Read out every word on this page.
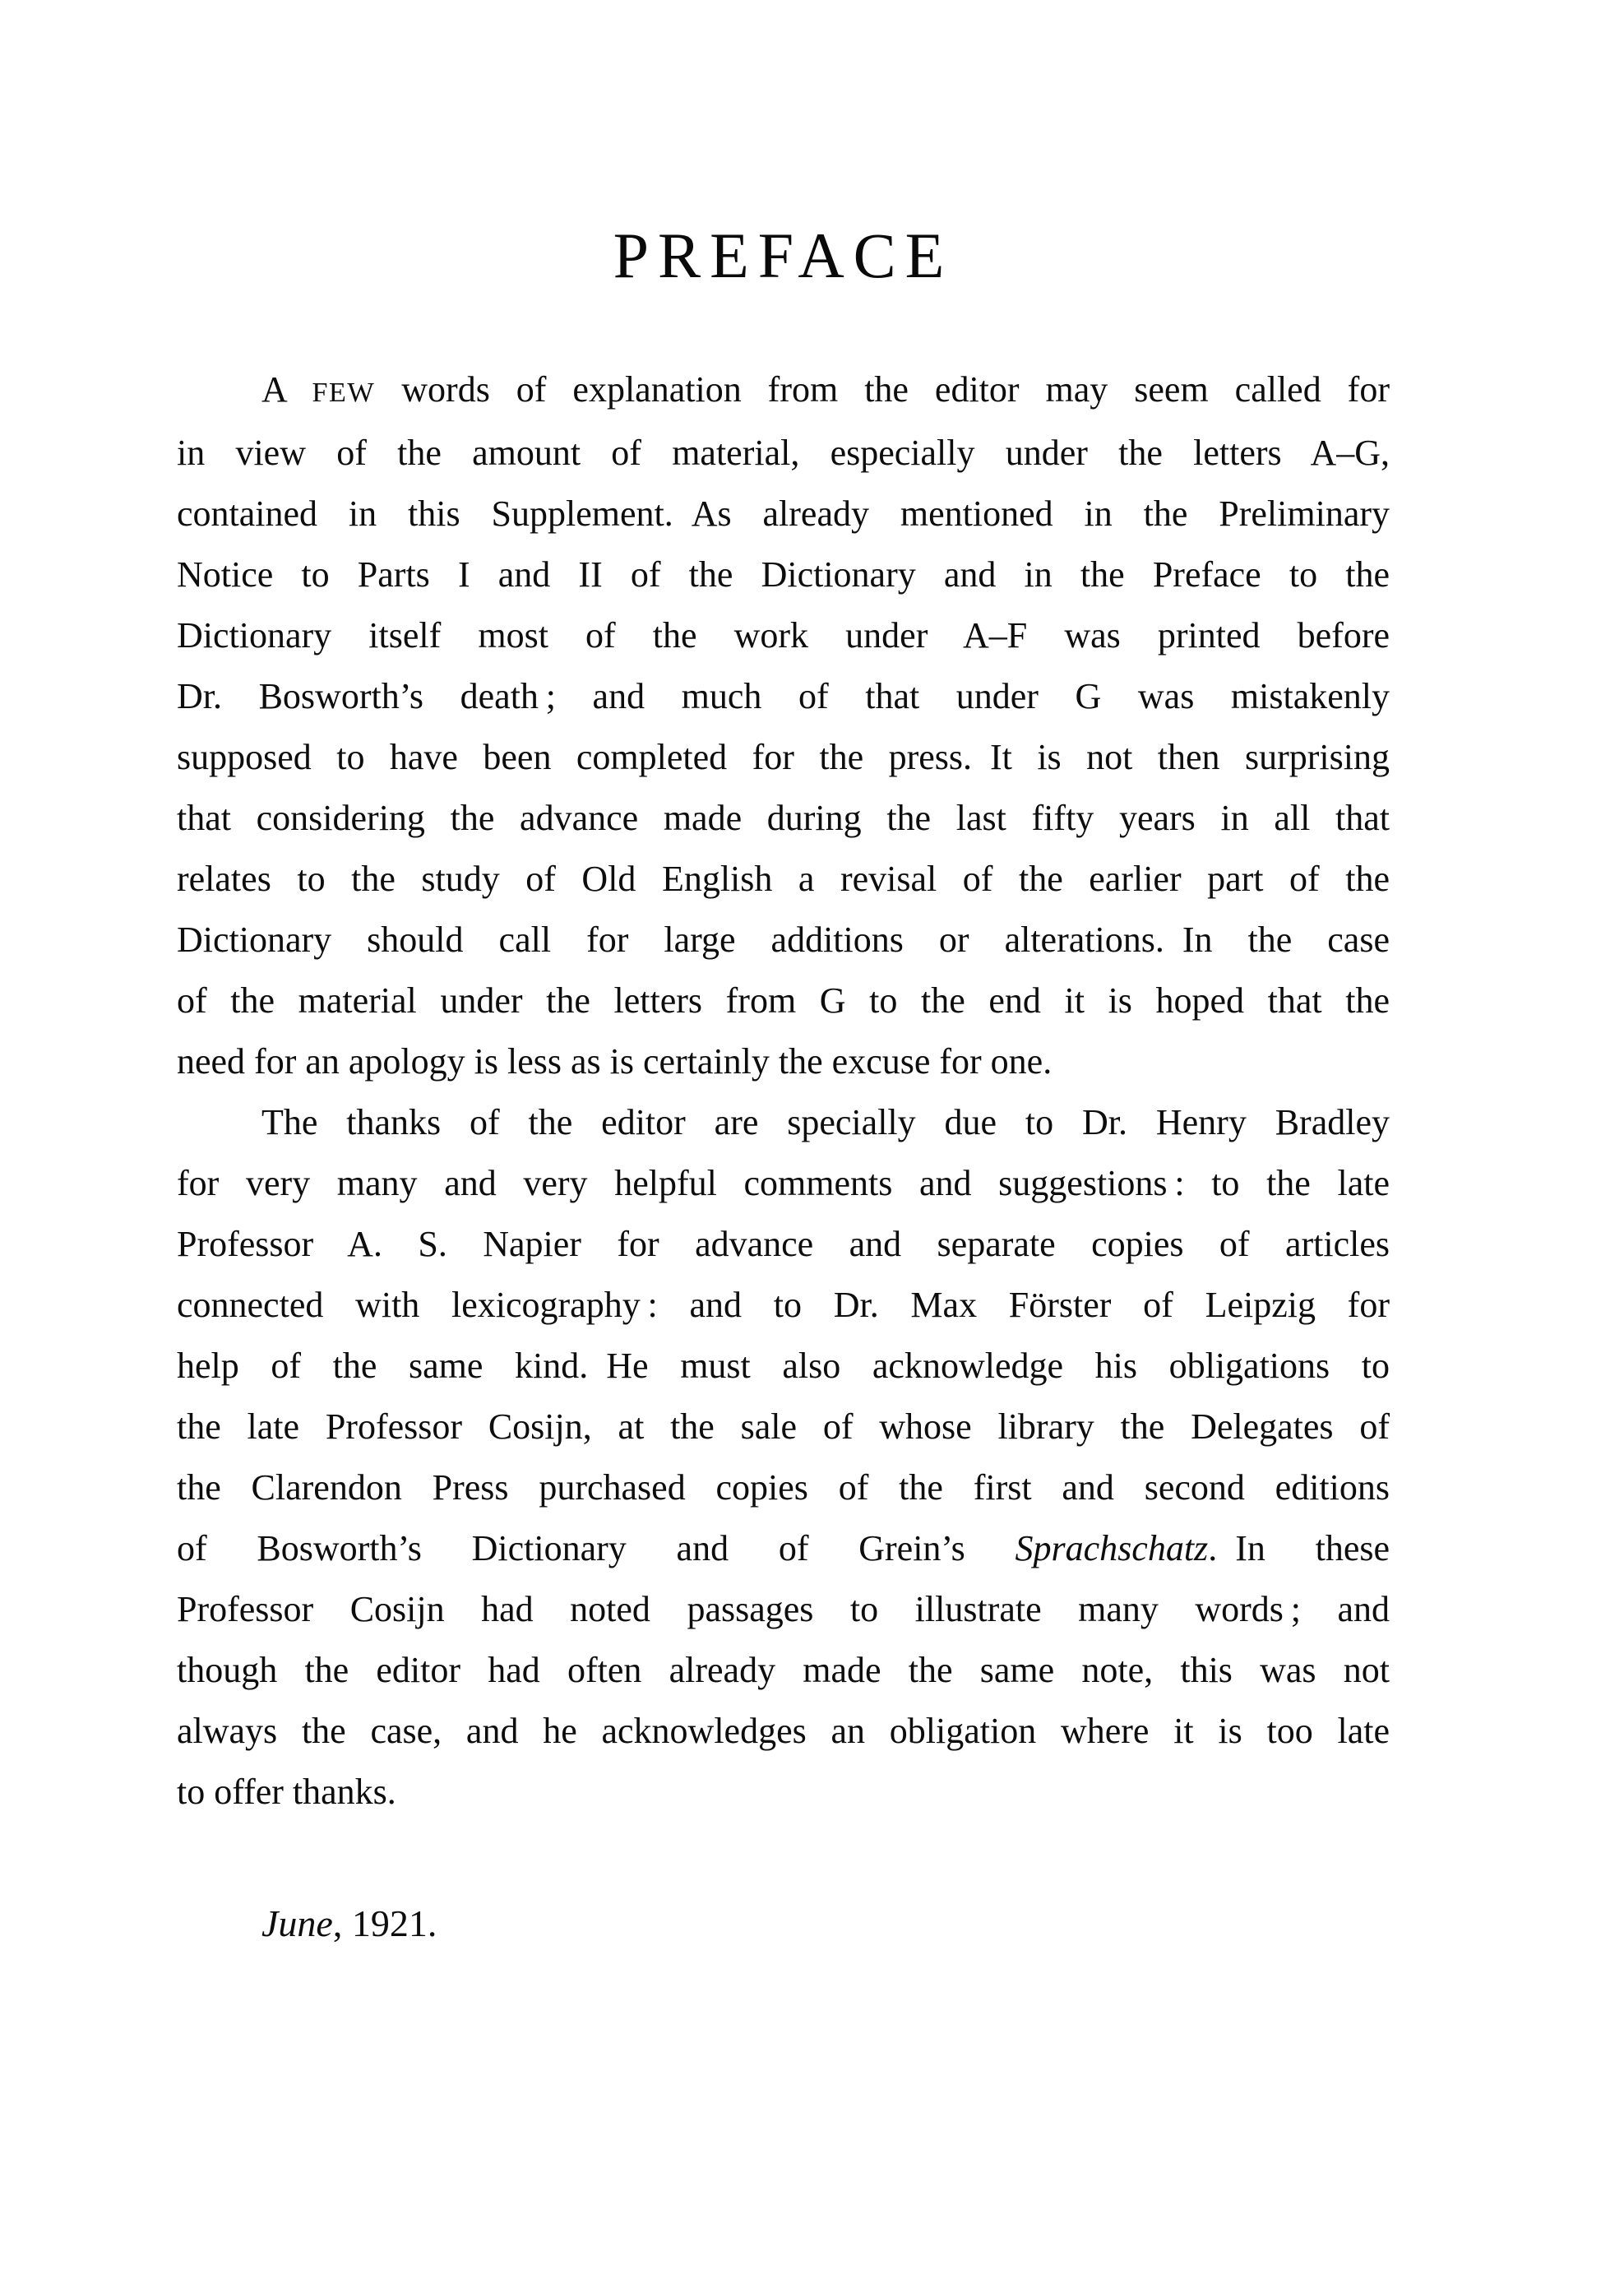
PREFACE
A FEW words of explanation from the editor may seem called for
in view of the amount of material, especially under the letters A–G,
contained in this Supplement. As already mentioned in the Preliminary
Notice to Parts I and II of the Dictionary and in the Preface to the
Dictionary itself most of the work under A–F was printed before
Dr. Bosworth’s death ; and much of that under G was mistakenly
supposed to have been completed for the press. It is not then surprising
that considering the advance made during the last fifty years in all that
relates to the study of Old English a revisal of the earlier part of the
Dictionary should call for large additions or alterations. In the case
of the material under the letters from G to the end it is hoped that the
need for an apology is less as is certainly the excuse for one.
The thanks of the editor are specially due to Dr. Henry Bradley
for very many and very helpful comments and suggestions : to the late
Professor A. S. Napier for advance and separate copies of articles
connected with lexicography : and to Dr. Max Förster of Leipzig for
help of the same kind. He must also acknowledge his obligations to
the late Professor Cosijn, at the sale of whose library the Delegates of
the Clarendon Press purchased copies of the first and second editions
of Bosworth’s Dictionary and of Grein’s Sprachschatz. In these
Professor Cosijn had noted passages to illustrate many words ; and
though the editor had often already made the same note, this was not
always the case, and he acknowledges an obligation where it is too late
to offer thanks.
June, 1921.
